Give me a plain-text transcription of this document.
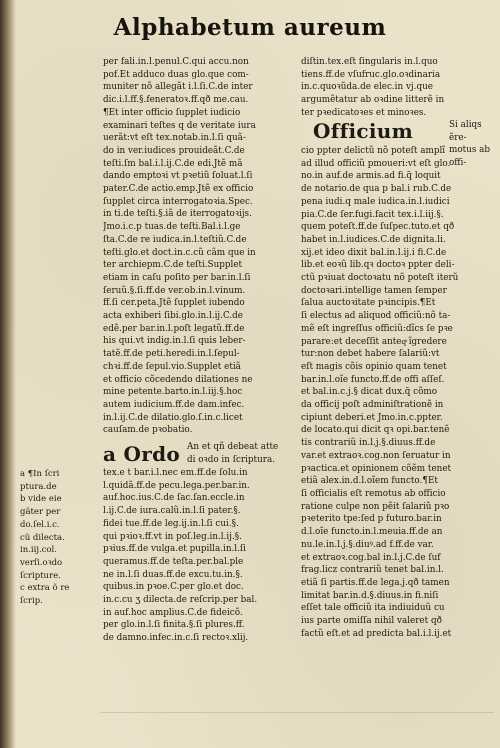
Alphabetum aureum
per fali.in.l.penul.C.qui accu.non
pof.Et adduco duas glo.que com-
muniter nõ allegãt i.l.ſi.C.de inter
dic.i.l.ff.§.feneratoꝛ.ff.qð me.cau.
¶Et inter officio ſupplet iudicio
examinari teſtes q de veritate iura
uerãt:vt eſt tex.notab.in.l.ſi quã-
do in ver.iudices prouideãt.C.de
teſti.ſm bal.i.l.ij.C.de edi.Jtẽ mã
dando emptoꝛi vt pꝛetiũ ſoluat.l.ſi
pater.C.de actio.emp.Jtẽ ex officio
ſupplet circa interrogatoꝛia.Spec.
in ti.de teſti.§.iã de iterrogatoꝛijs.
Jmo.i.c.p tuas.de teſti.Bal.i.l.ge
ſta.C.de re iudica.in.l.teſtiũ.C.de
teſti.glo.et doct.in.c.cũ cãm que in
ter archiepm.C.de teſti.Supplet
etiam in caſu poſito per bar.in.l.ſi
ſeruũ.§.ſi.ff.de ver.ob.in.l.vinum.
ff.ſi cer.peta.Jtẽ ſupplet iubendo
acta exhiberi ſibi.glo.in.l.ij.C.de
edẽ.per bar.in.l.poſt legatũ.ff.de
his qui.vt indig.in.l.ſi quis leber-
tatẽ.ff.de peti.heredi.in.l.ſepul-
chꝛi.ff.de ſepul.vio.Supplet etiã
et officio cõcedendo dilationes ne
mine petente.barto.in.l.iij.§.hoc
autem iudicium.ff.de dam.infec.
in.l.ij.C.de dilatio.glo.ſ.in.c.licet
cauſam.de pꝛobatio.
a Ordo An et qñ debeat atte
di oꝛdo in ſcriptura.
tex.e t bar.i.l.nec em.ff.de ſolu.in
l.quidã.ff.de pecu.lega.per.bar.in.
auf.hoc.ius.C.de ſac.ſan.eccle.in
l.ij.C.de iura.calũ.in.l.ſi pater.§.
fidei tue.ff.de leg.ij.in.l.ſi cui.§.
qui pꝛioꝛ.ff.vt in poſ.leg.in.l.ij.§.
pꝛius.ff.de vulga.et pupilla.in.l.ſi
queramus.ff.de teſta.per.bal.ple
ne in.l.ſi duas.ff.de excu.tu.in.§.
quibus.in pꝛoe.C.per glo.et doc.
in.c.cu ʒ dilecta.de reſcrip.per bal.
in auf.hoc amplius.C.de fideicõ.
per glo.in.l.ſi finita.§.ſi plures.ff.
de damno.infec.in.c.ſi rectoꝛ.xlij.
a ¶In ſcri
ptura.de
b vide eie
gãter per
do.ſel.i.c.
cũ dilecta.
in.iij.col.
verſi.oꝛdo
ſcripture.
c extra õ re
ſcrip.
diſtin.tex.eſt ſingularis in.l.quo
tiens.ff.de vſufruc.glo.oꝛdinaria
in.c.quoꝛũda.de elec.in vj.que
argumẽtatur ab oꝛdine litterẽ in
ter pꝛedicatoꝛes et minoꝛes.
Officium	Si aliqs ẽre-
motus ab offi-
cio ppter delictũ nõ poteſt amplĩ
ad illud officiũ pmoueri:vt eſt glo.
no.in auf.de armis.ad fi.q̃ loquit
de notario.de qua p bal.i rub.C.de
pena iudi.q male iudica.in.l.iudici
pia.C.de ſer.fugi.facit tex.i.l.iij.§.
quem poteſt.ff.de ſuſpec.tuto.et qð
habet in.l.iudices.C.de dignita.li.
xij.et ideo dixit bal.in.l.ij.i fi.C.de
lib.et eoꝛũ lib.qꝛ doctoꝛ ppter deli-
ctũ pꝛiuat doctoꝛatu nõ poteſt iterũ
doctoꝛari.intellige tamen ſemper
ſalua auctoꝛitate pꝛincipis.¶Et
ſi electus ad aliquod officiũ:nõ ta-
mẽ eſt ingreſſus officiũ:dĩcs ſe pꝛe
parare:et deceſſit anteqͣ ĩgredere
tur:non debet habere ſalariũ:vt
eſt magis cõis opinio quam tenet
bar.in.l.oĩe functo.ff.de offi aſſeſ.
et bal.in.c.j.§ dicat dux.q̃ cõmo
da officij poſt adminiſtrationẽ in
cipiunt deberi.et Jmo.in.c.ppter.
de locato.qui dicit qꝛ opi.bar.tenẽ
tis contrariũ in.l.j.§.diuus.ff.de
var.et extraoꝛ.cog.non ſeruatur in
pꝛactica.et opinionem cõẽm tenet
etiã alex.in.d.l.oĩem functo.¶Et
ſi officialis eſt remotus ab officio
ratione culpe non pẽit ſalariũ pꝛo
pꝛeterito tpe:ſed p futuro.bar.in
d.l.oĩe functo.in.l.meuia.ff.de an
nu.le.in.l.j.§.diuꝰ.ad f.ff.de var.
et extraoꝛ.cog.bal in.l.j.C.de ſuf
frag.licz contrariũ tenet bal.in.l.
etiã ſi partis.ff.de lega.j.qð tamen
limitat bar.in.d.§.diuus.in fi.niſi
eſſet tale officiũ ita indiuiduũ cu
ius parte omiſſa nihil valeret qð
factũ eſt.et ad predicta bal.i.l.ij.et
